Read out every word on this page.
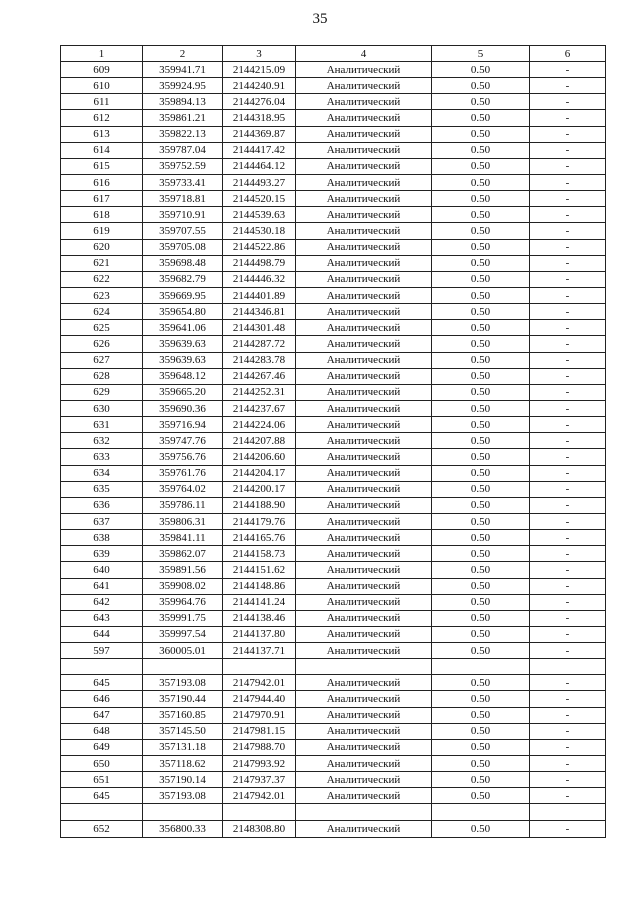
35
1	2	3	4	5	6
609	359941.71	2144215.09	Аналитический	0.50	-
610	359924.95	2144240.91	Аналитический	0.50	-
611	359894.13	2144276.04	Аналитический	0.50	-
612	359861.21	2144318.95	Аналитический	0.50	-
613	359822.13	2144369.87	Аналитический	0.50	-
614	359787.04	2144417.42	Аналитический	0.50	-
615	359752.59	2144464.12	Аналитический	0.50	-
616	359733.41	2144493.27	Аналитический	0.50	-
617	359718.81	2144520.15	Аналитический	0.50	-
618	359710.91	2144539.63	Аналитический	0.50	-
619	359707.55	2144530.18	Аналитический	0.50	-
620	359705.08	2144522.86	Аналитический	0.50	-
621	359698.48	2144498.79	Аналитический	0.50	-
622	359682.79	2144446.32	Аналитический	0.50	-
623	359669.95	2144401.89	Аналитический	0.50	-
624	359654.80	2144346.81	Аналитический	0.50	-
625	359641.06	2144301.48	Аналитический	0.50	-
626	359639.63	2144287.72	Аналитический	0.50	-
627	359639.63	2144283.78	Аналитический	0.50	-
628	359648.12	2144267.46	Аналитический	0.50	-
629	359665.20	2144252.31	Аналитический	0.50	-
630	359690.36	2144237.67	Аналитический	0.50	-
631	359716.94	2144224.06	Аналитический	0.50	-
632	359747.76	2144207.88	Аналитический	0.50	-
633	359756.76	2144206.60	Аналитический	0.50	-
634	359761.76	2144204.17	Аналитический	0.50	-
635	359764.02	2144200.17	Аналитический	0.50	-
636	359786.11	2144188.90	Аналитический	0.50	-
637	359806.31	2144179.76	Аналитический	0.50	-
638	359841.11	2144165.76	Аналитический	0.50	-
639	359862.07	2144158.73	Аналитический	0.50	-
640	359891.56	2144151.62	Аналитический	0.50	-
641	359908.02	2144148.86	Аналитический	0.50	-
642	359964.76	2144141.24	Аналитический	0.50	-
643	359991.75	2144138.46	Аналитический	0.50	-
644	359997.54	2144137.80	Аналитический	0.50	-
597	360005.01	2144137.71	Аналитический	0.50	-

645	357193.08	2147942.01	Аналитический	0.50	-
646	357190.44	2147944.40	Аналитический	0.50	-
647	357160.85	2147970.91	Аналитический	0.50	-
648	357145.50	2147981.15	Аналитический	0.50	-
649	357131.18	2147988.70	Аналитический	0.50	-
650	357118.62	2147993.92	Аналитический	0.50	-
651	357190.14	2147937.37	Аналитический	0.50	-
645	357193.08	2147942.01	Аналитический	0.50	-

652	356800.33	2148308.80	Аналитический	0.50	-
